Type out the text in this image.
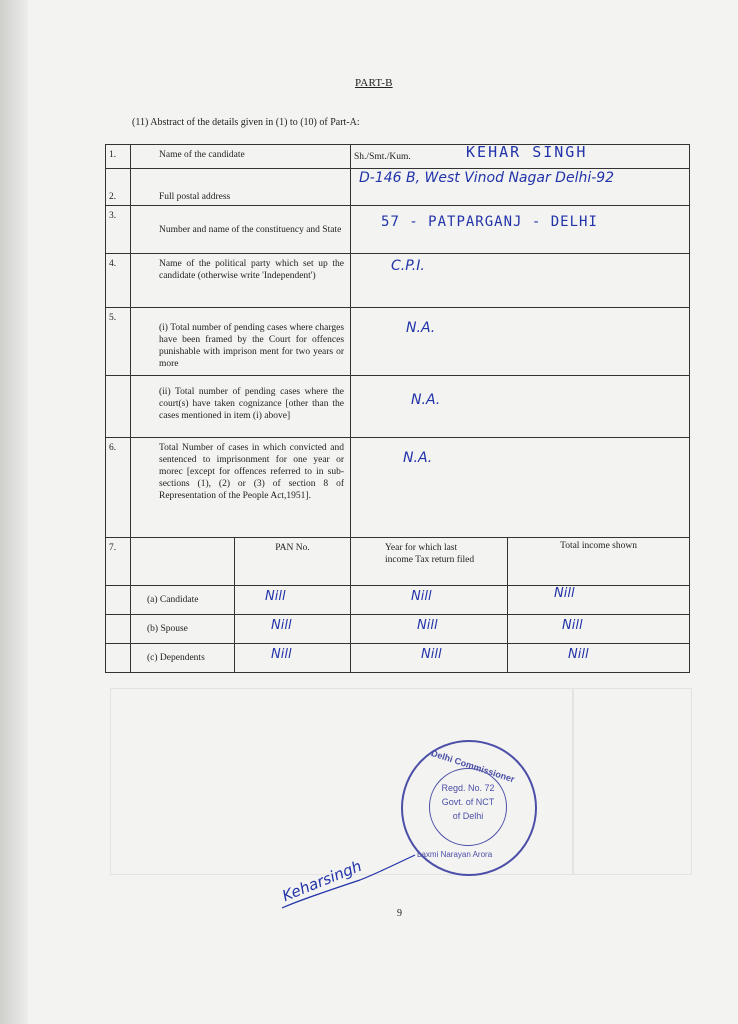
PART-B
(11) Abstract of the details given in (1) to (10) of Part-A:
1.	Name of the candidate		Sh./Smt./Kum. KEHAR SINGH	

2.	Full postal address		D-146 B, West Vinod Nagar Delhi-92	

3.	Number and name of the constituency and State		57 - PATPARGANJ - DELHI	

4.	Name of the political party which set up the candidate (otherwise write 'Independent')		C.P.I.	

5.	(i) Total number of pending cases where charges have been framed by the Court for offences punishable with imprison ment for two years or more		N.A.	

	(ii) Total number of pending cases where the court(s) have taken cognizance [other than the cases mentioned in item (i) above]		N.A.	

6.	Total Number of cases in which convicted and sentenced to imprisonment for one year or morec [except for offences referred to in sub-sections (1), (2) or (3) of section 8 of Representation of the People Act,1951].		N.A.	

7.		PAN No.	Year for which last income Tax return filed	Total income shown
	(a) Candidate	Nill	Nill	Nill
	(b) Spouse	Nill	Nill	Nill
	(c) Dependents	Nill	Nill	Nill
Delhi Commissioner
Regd. No. 72
Govt. of NCT
of Delhi
Laxmi Narayan Arora
Keharsingh
9
